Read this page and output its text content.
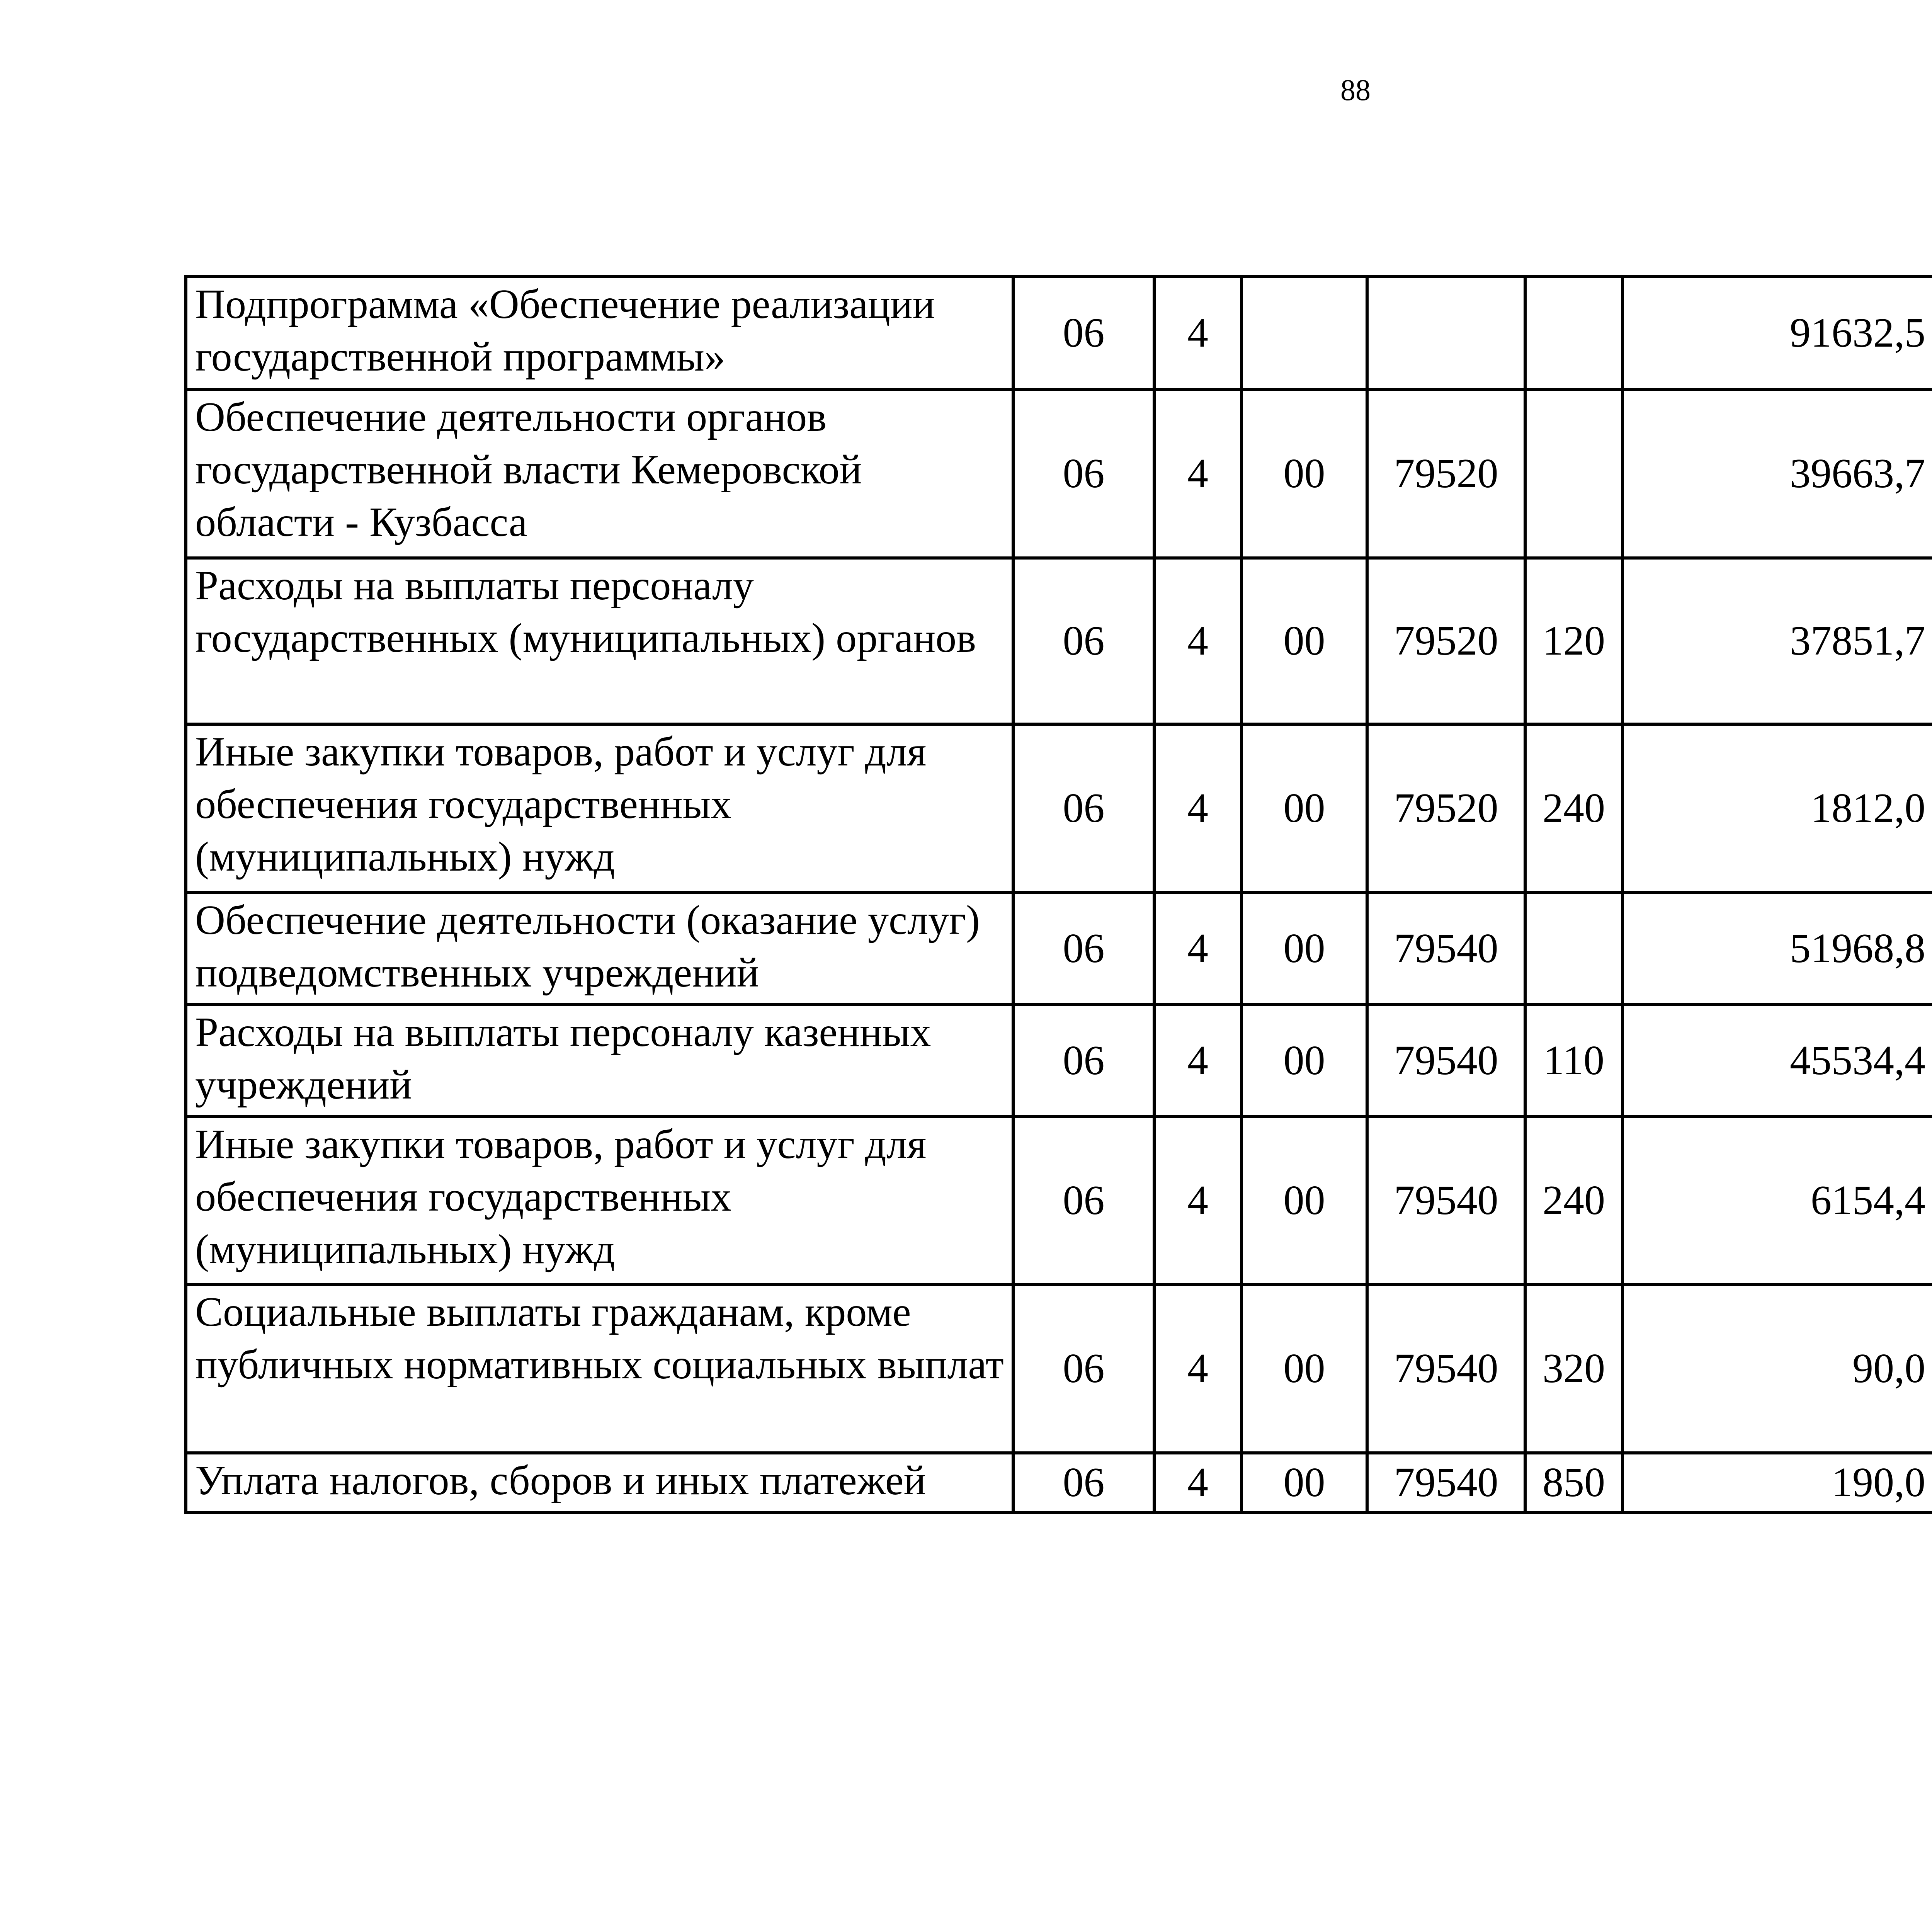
88
Подпрограмма «Обеспечение реализации государственной программы»	06	4				91632,5		
Обеспечение деятельности органов государственной власти Кемеровской области - Кузбасса	06	4	00	79520		39663,7		
Расходы на выплаты персоналу государственных (муниципальных) органов	06	4	00	79520	120	37851,7		
Иные закупки товаров, работ и услуг для обеспечения государственных (муниципальных) нужд	06	4	00	79520	240	1812,0		
Обеспечение деятельности (оказание услуг) подведомственных учреждений	06	4	00	79540		51968,8		
Расходы на выплаты персоналу казенных учреждений	06	4	00	79540	110	45534,4		
Иные закупки товаров, работ и услуг для обеспечения государственных (муниципальных) нужд	06	4	00	79540	240	6154,4		
Социальные выплаты гражданам, кроме публичных нормативных социальных выплат	06	4	00	79540	320	90,0		
Уплата налогов, сборов и иных платежей	06	4	00	79540	850	190,0		
